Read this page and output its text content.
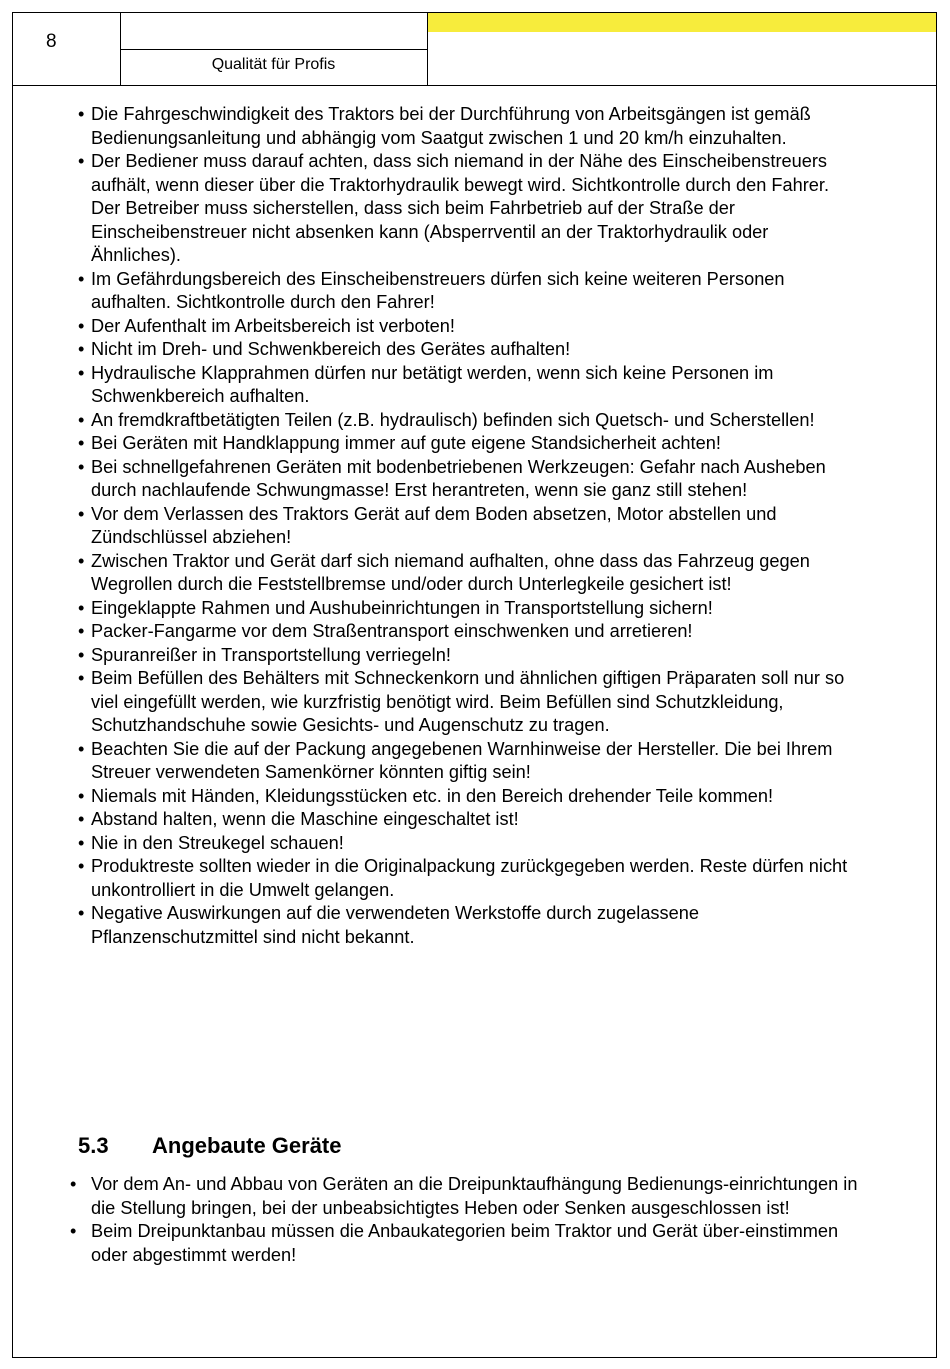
8
Qualität für Profis
• Die Fahrgeschwindigkeit des Traktors bei der Durchführung von Arbeitsgängen ist gemäß Bedienungsanleitung und abhängig vom Saatgut zwischen 1 und 20 km/h einzuhalten.
• Der Bediener muss darauf achten, dass sich niemand in der Nähe des Einscheibenstreuers aufhält, wenn dieser über die Traktorhydraulik bewegt wird. Sichtkontrolle durch den Fahrer. Der Betreiber muss sicherstellen, dass sich beim Fahrbetrieb auf der Straße der Einscheibenstreuer nicht absenken kann (Absperrventil an der Traktorhydraulik oder Ähnliches).
• Im Gefährdungsbereich des Einscheibenstreuers dürfen sich keine weiteren Personen aufhalten. Sichtkontrolle durch den Fahrer!
• Der Aufenthalt im Arbeitsbereich ist verboten!
• Nicht im Dreh- und Schwenkbereich des Gerätes aufhalten!
• Hydraulische Klapprahmen dürfen nur betätigt werden, wenn sich keine Personen im Schwenkbereich aufhalten.
• An fremdkraftbetätigten Teilen (z.B. hydraulisch) befinden sich Quetsch- und Scherstellen!
• Bei Geräten mit Handklappung immer auf gute eigene Standsicherheit achten!
• Bei schnellgefahrenen Geräten mit bodenbetriebenen Werkzeugen: Gefahr nach Ausheben durch nachlaufende Schwungmasse! Erst herantreten, wenn sie ganz still stehen!
• Vor dem Verlassen des Traktors Gerät auf dem Boden absetzen, Motor abstellen und Zündschlüssel abziehen!
• Zwischen Traktor und Gerät darf sich niemand aufhalten, ohne dass das Fahrzeug gegen Wegrollen durch die Feststellbremse und/oder durch Unterlegkeile gesichert ist!
• Eingeklappte Rahmen und Aushubeinrichtungen in Transportstellung sichern!
• Packer-Fangarme vor dem Straßentransport einschwenken und arretieren!
• Spuranreißer in Transportstellung verriegeln!
• Beim Befüllen des Behälters mit Schneckenkorn und ähnlichen giftigen Präparaten soll nur so viel eingefüllt werden, wie kurzfristig benötigt wird. Beim Befüllen sind Schutzkleidung, Schutzhandschuhe sowie Gesichts- und Augenschutz zu tragen.
• Beachten Sie die auf der Packung angegebenen Warnhinweise der Hersteller. Die bei Ihrem Streuer verwendeten Samenkörner könnten giftig sein!
• Niemals mit Händen, Kleidungsstücken etc. in den Bereich drehender Teile kommen!
• Abstand halten, wenn die Maschine eingeschaltet ist!
• Nie in den Streukegel schauen!
• Produktreste sollten wieder in die Originalpackung zurückgegeben werden. Reste dürfen nicht unkontrolliert in die Umwelt gelangen.
• Negative Auswirkungen auf die verwendeten Werkstoffe durch zugelassene Pflanzenschutzmittel sind nicht bekannt.
5.3 Angebaute Geräte
• Vor dem An- und Abbau von Geräten an die Dreipunktaufhängung Bedienungs-einrichtungen in die Stellung bringen, bei der unbeabsichtigtes Heben oder Senken ausgeschlossen ist!
• Beim Dreipunktanbau müssen die Anbaukategorien beim Traktor und Gerät über-einstimmen oder abgestimmt werden!
